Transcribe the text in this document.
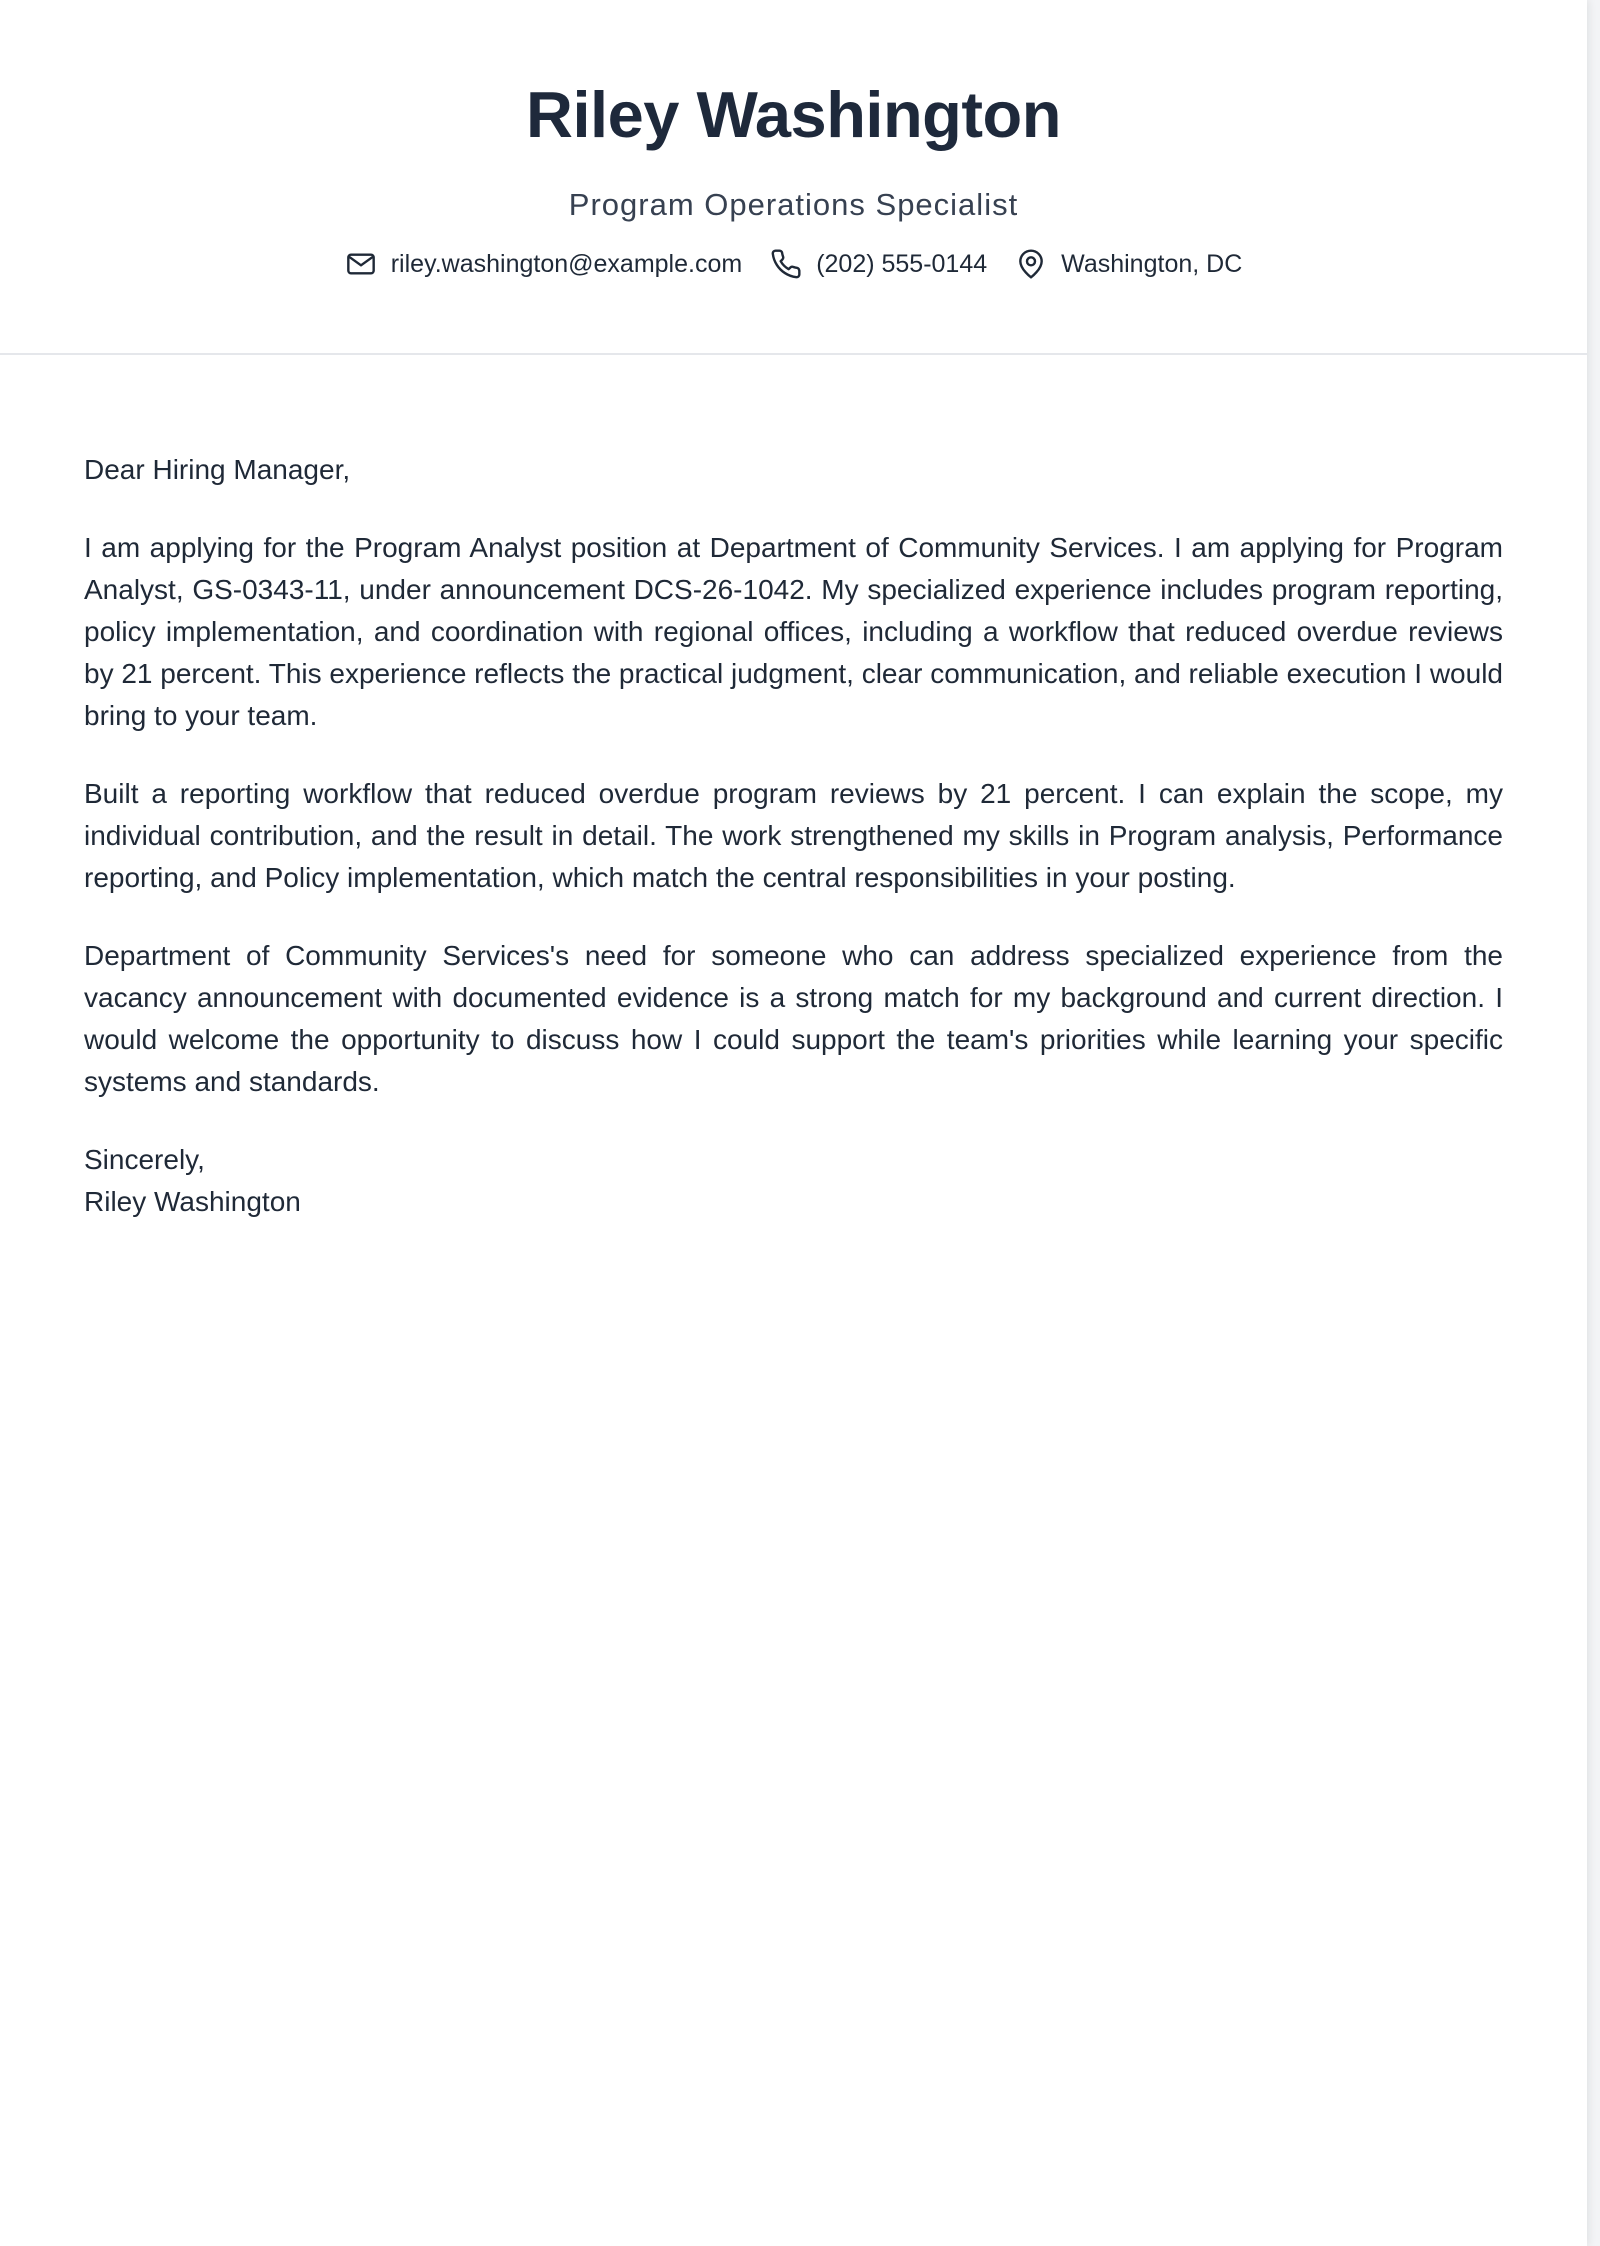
Riley Washington
Program Operations Specialist
riley.washington@example.com	(202) 555-0144	Washington, DC

Dear Hiring Manager,

I am applying for the Program Analyst position at Department of Community Services. I am applying for Program Analyst, GS-0343-11, under announcement DCS-26-1042. My specialized experience includes program reporting, policy implementation, and coordination with regional offices, including a workflow that reduced overdue reviews by 21 percent. This experience reflects the practical judgment, clear communication, and reliable execution I would bring to your team.

Built a reporting workflow that reduced overdue program reviews by 21 percent. I can explain the scope, my individual contribution, and the result in detail. The work strengthened my skills in Program analysis, Performance reporting, and Policy implementation, which match the central responsibilities in your posting.

Department of Community Services's need for someone who can address specialized experience from the vacancy announcement with documented evidence is a strong match for my background and current direction. I would welcome the opportunity to discuss how I could support the team's priorities while learning your specific systems and standards.

Sincerely,
Riley Washington
